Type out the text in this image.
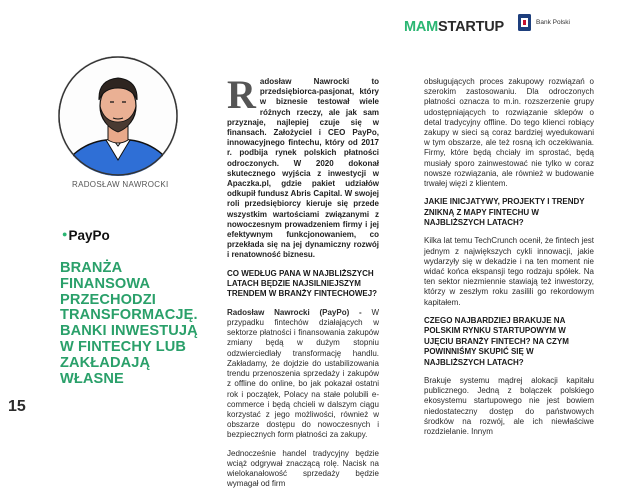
MAMSTARTUP	Bank Polski
RADOSŁAW NAWROCKI
●PayPo
BRANŻA FINANSOWA PRZECHODZI TRANSFORMACJĘ. BANKI INWESTUJĄ W FINTECHY LUB ZAKŁADAJĄ WŁASNE
15

Radosław Nawrocki to przedsiębiorca-pasjonat, który w biznesie testował wiele różnych rzeczy, ale jak sam przyznaje, najlepiej czuje się w finansach. Założyciel i CEO PayPo, innowacyjnego fintechu, który od 2017 r. podbija rynek polskich płatności odroczonych. W 2020 dokonał skutecznego wyjścia z inwestycji w Apaczka.pl, gdzie pakiet udziałów odkupił fundusz Abris Capital. W swojej roli przedsiębiorcy kieruje się przede wszystkim wartościami związanymi z nowoczesnym prowadzeniem firmy i jej efektywnym funkcjonowaniem, co przekłada się na jej dynamiczny rozwój i renatowność biznesu.

CO WEDŁUG PANA W NAJBLIŻSZYCH LATACH BĘDZIE NAJSILNIEJSZYM TRENDEM W BRANŻY FINTECHOWEJ?

Radosław Nawrocki (PayPo) - W przypadku fintechów działających w sektorze płatności i finansowania zakupów zmiany będą w dużym stopniu odzwierciedlały transformację handlu. Zakładamy, że dojdzie do ustabilizowania trendu przenoszenia sprzedaży i zakupów z offline do online, bo jak pokazał ostatni rok i początek, Polacy na stałe polubili e-commerce i będą chcieli w dalszym ciągu korzystać z jego możliwości, również w obszarze dostępu do nowoczesnych i bezpiecznych form płatności za zakupy.

Jednocześnie handel tradycyjny będzie wciąż odgrywał znaczącą rolę. Nacisk na wielokanałowość sprzedaży będzie wymagał od firm

obsługujących proces zakupowy rozwiązań o szerokim zastosowaniu. Dla odroczonych płatności oznacza to m.in. rozszerzenie grupy udostępniających to rozwiązanie sklepów o detal tradycyjny offline. Do tego klienci robiący zakupy w sieci są coraz bardziej wyedukowani w tym obszarze, ale też rosną ich oczekiwania. Firmy, które będą chciały im sprostać, będą musiały sporo zainwestować nie tylko w coraz nowsze rozwiązania, ale również w budowanie trwałej więzi z klientem.

JAKIE INICJATYWY, PROJEKTY I TRENDY ZNIKNĄ Z MAPY FINTECHU W NAJBLIŻSZYCH LATACH?

Kilka lat temu TechCrunch ocenił, że fintech jest jednym z największych cykli innowacji, jakie wydarzyły się w dekadzie i na ten moment nie widać końca ekspansji tego rodzaju spółek. Na ten sektor niezmiennie stawiają też inwestorzy, którzy w zeszłym roku zasilili go rekordowym kapitałem.

CZEGO NAJBARDZIEJ BRAKUJE NA POLSKIM RYNKU STARTUPOWYM W UJĘCIU BRANŻY FINTECH? NA CZYM POWINNIŚMY SKUPIĆ SIĘ W NAJBLIŻSZYCH LATACH?

Brakuje systemu mądrej alokacji kapitału publicznego. Jedną z bolączek polskiego ekosystemu startupowego nie jest bowiem niedostateczny dostęp do państwowych środków na rozwój, ale ich niewłaściwe rozdzielanie. Innym
